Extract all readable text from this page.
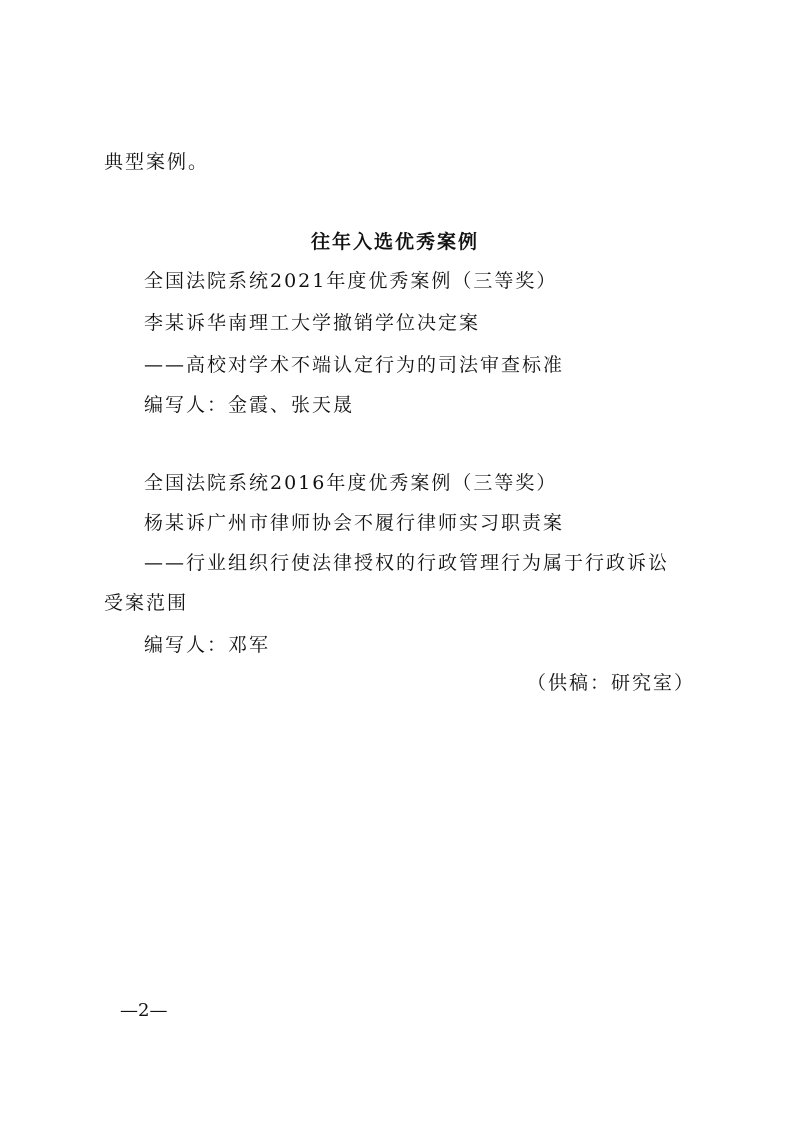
典型案例。
往年入选优秀案例
全国法院系统2021年度优秀案例（三等奖）
李某诉华南理工大学撤销学位决定案
——高校对学术不端认定行为的司法审查标准
编写人：金霞、张天晟
全国法院系统2016年度优秀案例（三等奖）
杨某诉广州市律师协会不履行律师实习职责案
——行业组织行使法律授权的行政管理行为属于行政诉讼
受案范围
编写人：邓军
（供稿：研究室）
—2—
